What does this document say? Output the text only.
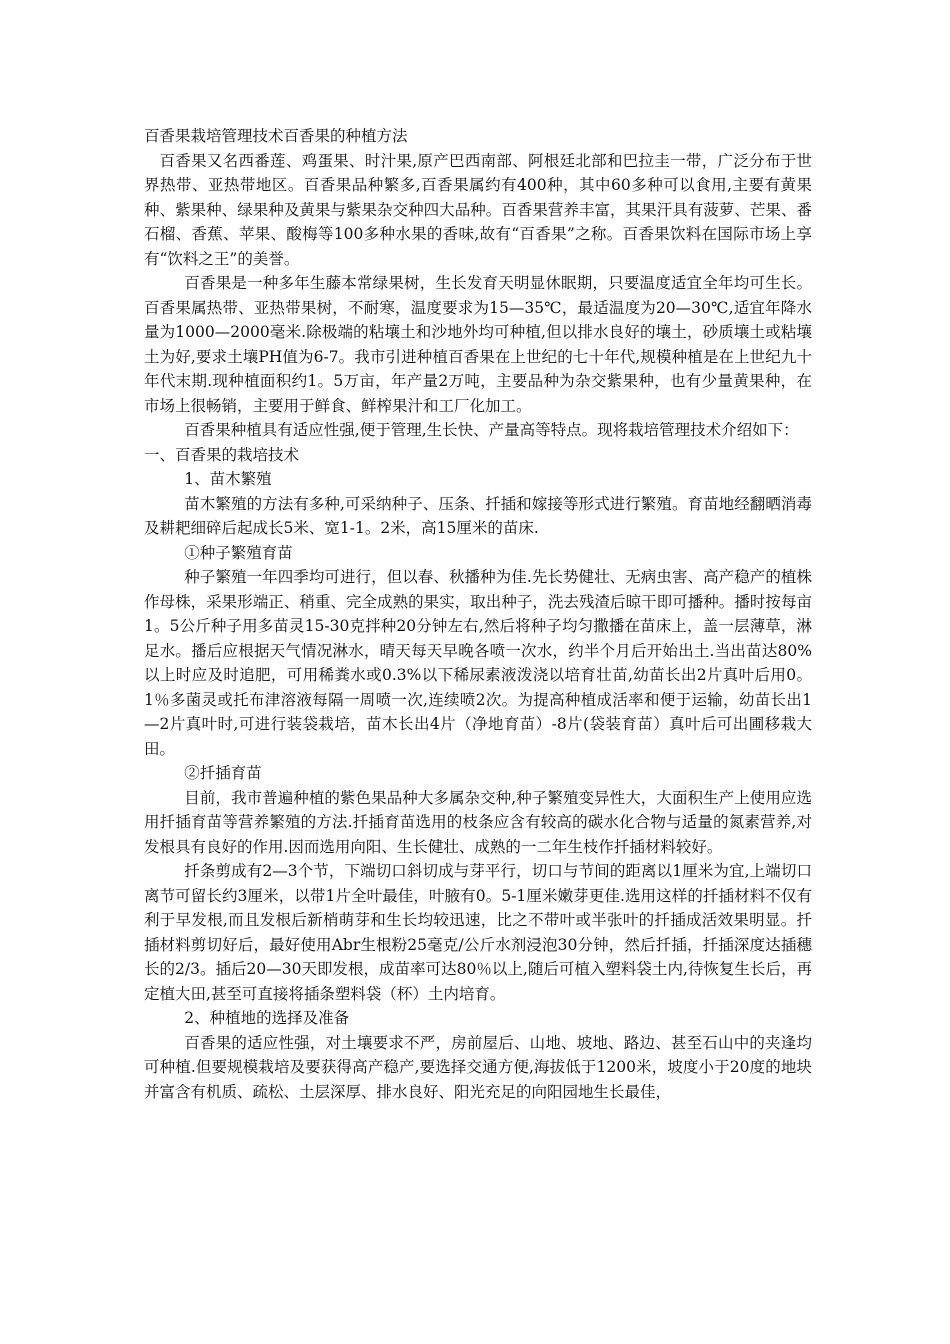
百香果栽培管理技术百香果的种植方法

百香果又名西番莲、鸡蛋果、时汁果,原产巴西南部、阿根廷北部和巴拉圭一带，广泛分布于世界热带、亚热带地区。百香果品种繁多,百香果属约有400种，其中60多种可以食用,主要有黄果种、紫果种、绿果种及黄果与紫果杂交种四大品种。百香果营养丰富，其果汗具有菠萝、芒果、番石榴、香蕉、苹果、酸梅等100多种水果的香味,故有“百香果”之称。百香果饮料在国际市场上享有“饮料之王”的美誉。

百香果是一种多年生藤本常绿果树，生长发育天明显休眠期，只要温度适宜全年均可生长。百香果属热带、亚热带果树，不耐寒，温度要求为15—35℃，最适温度为20—30℃,适宜年降水量为1000—2000毫米.除极端的粘壤土和沙地外均可种植,但以排水良好的壤土，砂质壤土或粘壤土为好,要求土壤PH值为6-7。我市引进种植百香果在上世纪的七十年代,规模种植是在上世纪九十年代末期.现种植面积约1。5万亩，年产量2万吨，主要品种为杂交紫果种，也有少量黄果种，在市场上很畅销，主要用于鲜食、鲜榨果汁和工厂化加工。

百香果种植具有适应性强,便于管理,生长快、产量高等特点。现将栽培管理技术介绍如下：

一、百香果的栽培技术

1、苗木繁殖

苗木繁殖的方法有多种,可采纳种子、压条、扦插和嫁接等形式进行繁殖。育苗地经翻晒消毒及耕耙细碎后起成长5米、宽1-1。2米，高15厘米的苗床.

①种子繁殖育苗

种子繁殖一年四季均可进行，但以春、秋播种为佳.先长势健壮、无病虫害、高产稳产的植株作母株，采果形端正、稍重、完全成熟的果实，取出种子，洗去残渣后晾干即可播种。播时按每亩1。5公斤种子用多苗灵15-30克拌种20分钟左右,然后将种子均匀撒播在苗床上，盖一层薄草，淋足水。播后应根据天气情况淋水，晴天每天早晚各喷一次水，约半个月后开始出土.当出苗达80%以上时应及时追肥，可用稀粪水或0.3%以下稀尿素液泼浇以培育壮苗,幼苗长出2片真叶后用0。1％多菌灵或托布津溶液每隔一周喷一次,连续喷2次。为提高种植成活率和便于运输，幼苗长出1—2片真叶时,可进行装袋栽培，苗木长出4片（净地育苗）-8片(袋装育苗）真叶后可出圃移栽大田。

②扦插育苗

目前，我市普遍种植的紫色果品种大多属杂交种,种子繁殖变异性大，大面积生产上使用应选用扦插育苗等营养繁殖的方法.扦插育苗选用的枝条应含有较高的碳水化合物与适量的氮素营养,对发根具有良好的作用.因而选用向阳、生长健壮、成熟的一二年生枝作扦插材料较好。

扦条剪成有2—3个节，下端切口斜切成与芽平行，切口与节间的距离以1厘米为宜,上端切口离节可留长约3厘米，以带1片全叶最佳，叶腋有0。5-1厘米嫩芽更佳.选用这样的扦插材料不仅有利于早发根,而且发根后新梢萌芽和生长均较迅速，比之不带叶或半张叶的扦插成活效果明显。扦插材料剪切好后，最好使用Abr生根粉25毫克/公斤水剂浸泡30分钟，然后扦插，扦插深度达插穗长的2/3。插后20—30天即发根，成苗率可达80％以上,随后可植入塑料袋土内,待恢复生长后，再定植大田,甚至可直接将插条塑料袋（杯）土内培育。

2、种植地的选择及准备

百香果的适应性强，对土壤要求不严，房前屋后、山地、坡地、路边、甚至石山中的夹逢均可种植.但要规模栽培及要获得高产稳产,要选择交通方便,海拔低于1200米，坡度小于20度的地块并富含有机质、疏松、土层深厚、排水良好、阳光充足的向阳园地生长最佳，
